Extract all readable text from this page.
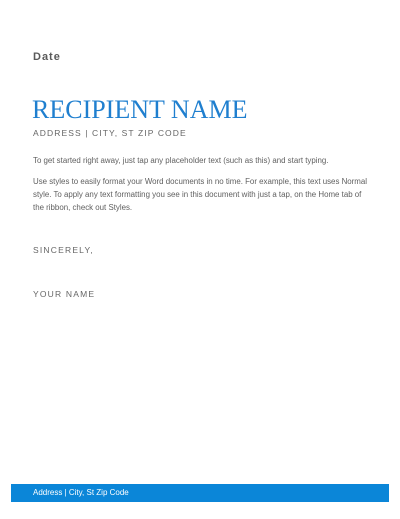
Date
RECIPIENT NAME
ADDRESS | CITY, ST ZIP CODE

To get started right away, just tap any placeholder text (such as this) and start typing.

Use styles to easily format your Word documents in no time. For example, this text uses Normal style. To apply any text formatting you see in this document with just a tap, on the Home tab of the ribbon, check out Styles.

SINCERELY,
YOUR NAME
Address | City, St Zip Code
